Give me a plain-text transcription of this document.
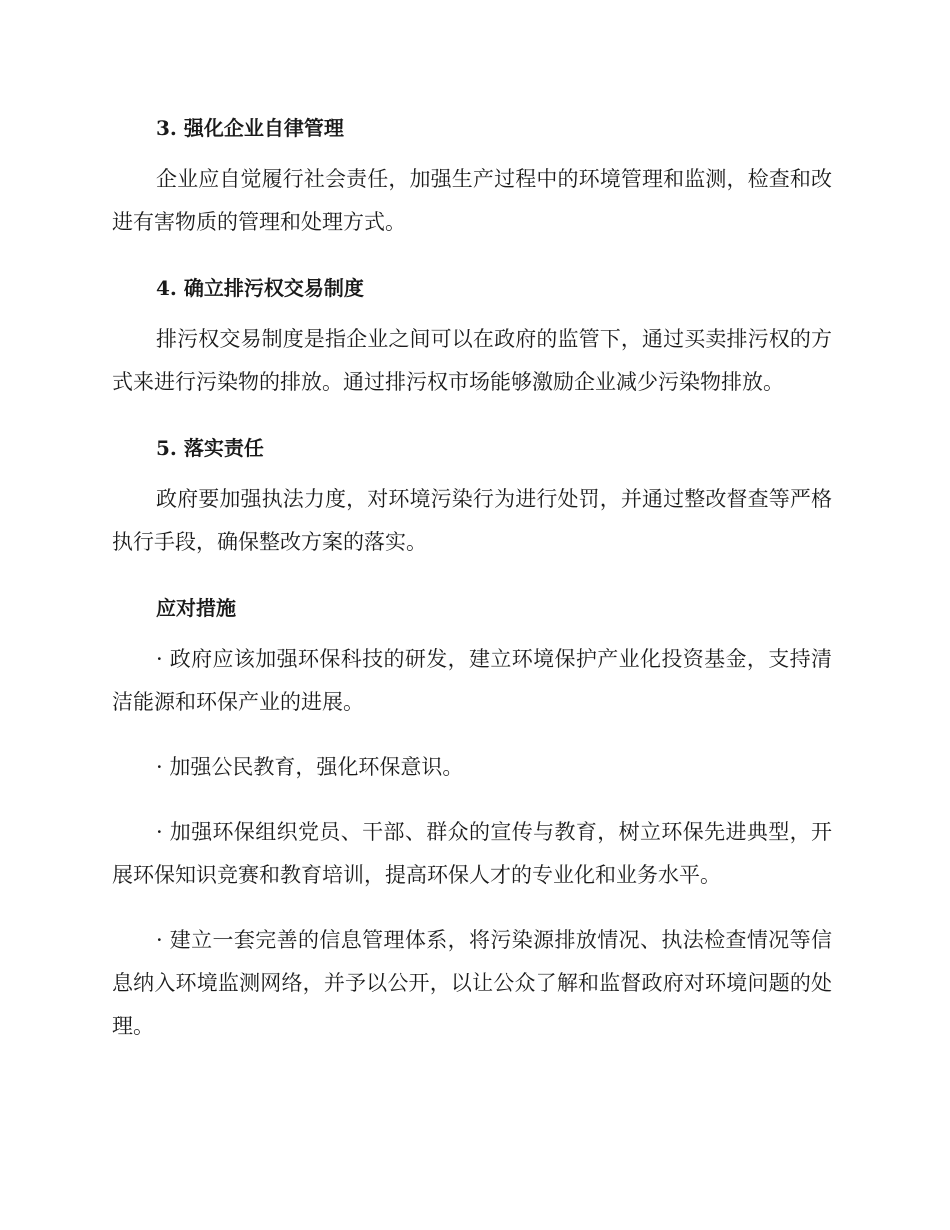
3. 强化企业自律管理

企业应自觉履行社会责任，加强生产过程中的环境管理和监测，检查和改进有害物质的管理和处理方式。

4. 确立排污权交易制度

排污权交易制度是指企业之间可以在政府的监管下，通过买卖排污权的方式来进行污染物的排放。通过排污权市场能够激励企业减少污染物排放。

5. 落实责任

政府要加强执法力度，对环境污染行为进行处罚，并通过整改督查等严格执行手段，确保整改方案的落实。

应对措施

· 政府应该加强环保科技的研发，建立环境保护产业化投资基金，支持清洁能源和环保产业的进展。

· 加强公民教育，强化环保意识。

· 加强环保组织党员、干部、群众的宣传与教育，树立环保先进典型，开展环保知识竞赛和教育培训，提高环保人才的专业化和业务水平。

· 建立一套完善的信息管理体系，将污染源排放情况、执法检查情况等信息纳入环境监测网络，并予以公开，以让公众了解和监督政府对环境问题的处理。
